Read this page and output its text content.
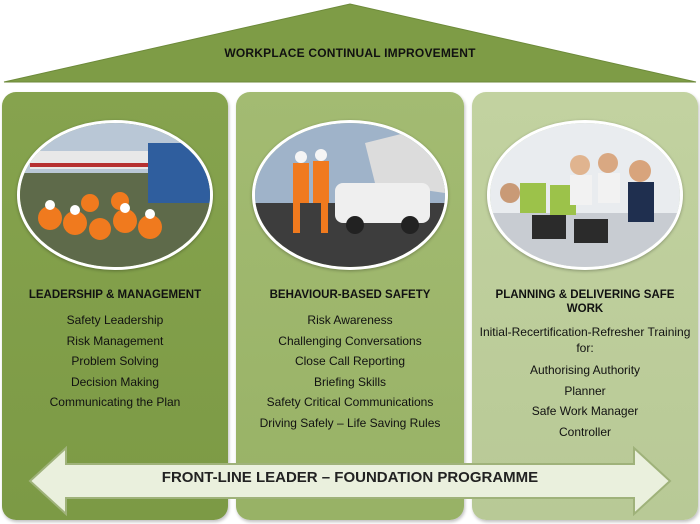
WORKPLACE CONTINUAL IMPROVEMENT
LEADERSHIP & MANAGEMENT
Safety Leadership
Risk Management
Problem Solving
Decision Making
Communicating the Plan
BEHAVIOUR-BASED SAFETY
Risk Awareness
Challenging Conversations
Close Call Reporting
Briefing Skills
Safety Critical Communications
Driving Safely – Life Saving Rules
PLANNING & DELIVERING SAFE WORK
Initial-Recertification-Refresher Training for:
Authorising Authority
Planner
Safe Work Manager
Controller
FRONT-LINE LEADER – FOUNDATION PROGRAMME
